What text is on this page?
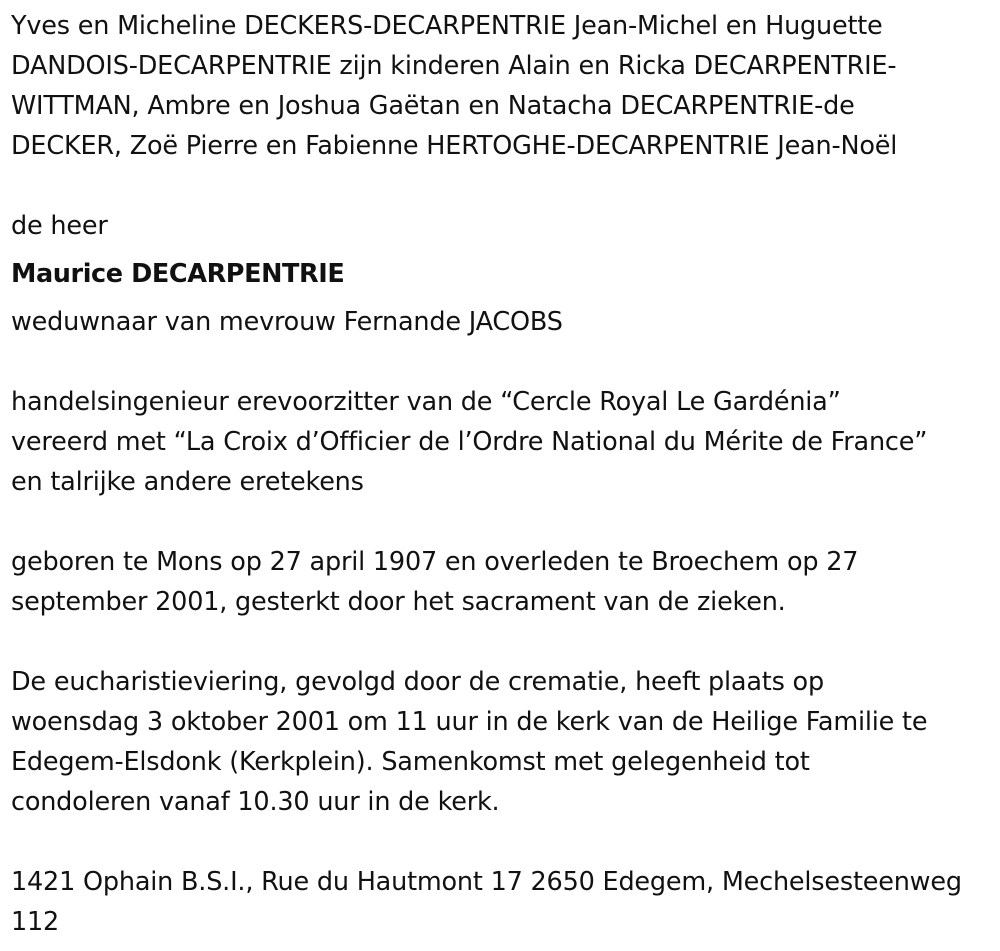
Yves en Micheline DECKERS-DECARPENTRIE Jean-Michel en Huguette

DANDOIS-DECARPENTRIE zijn kinderen Alain en Ricka DECARPENTRIE-

WITTMAN, Ambre en Joshua Gaëtan en Natacha DECARPENTRIE-de

DECKER, Zoë Pierre en Fabienne HERTOGHE-DECARPENTRIE Jean-Noël

de heer

Maurice DECARPENTRIE

weduwnaar van mevrouw Fernande JACOBS

handelsingenieur erevoorzitter van de “Cercle Royal Le Gardénia”

vereerd met “La Croix d’Officier de l’Ordre National du Mérite de France”

en talrijke andere eretekens

geboren te Mons op 27 april 1907 en overleden te Broechem op 27

september 2001, gesterkt door het sacrament van de zieken.

De eucharistieviering, gevolgd door de crematie, heeft plaats op

woensdag 3 oktober 2001 om 11 uur in de kerk van de Heilige Familie te

Edegem-Elsdonk (Kerkplein). Samenkomst met gelegenheid tot

condoleren vanaf 10.30 uur in de kerk.

1421 Ophain B.S.I., Rue du Hautmont 17 2650 Edegem, Mechelsesteenweg

112
